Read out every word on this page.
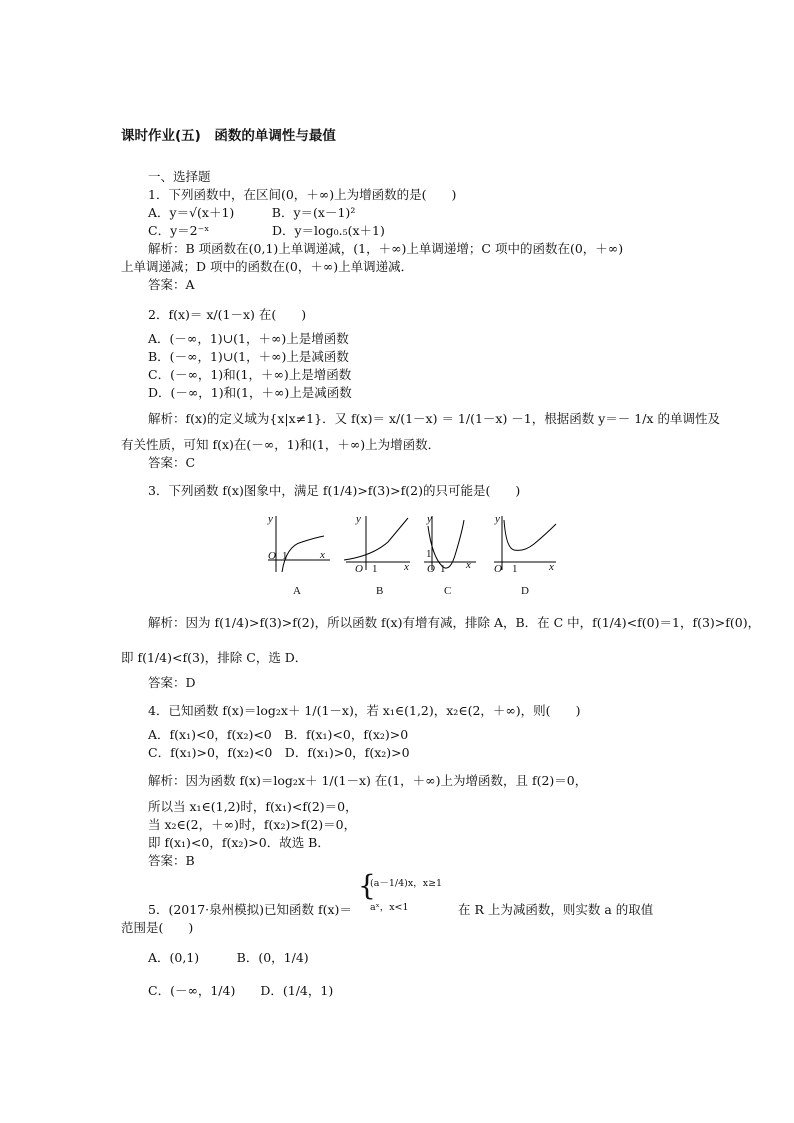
课时作业(五)　函数的单调性与最值
一、选择题
1．下列函数中，在区间(0，＋∞)上为增函数的是(　　)
A．y＝√(x＋1)　　　B．y＝(x－1)²
C．y＝2⁻ˣ　　　　　D．y＝log₀.₅(x＋1)
解析：B 项函数在(0,1)上单调递减，(1，＋∞)上单调递增；C 项中的函数在(0，＋∞)
上单调递减；D 项中的函数在(0，＋∞)上单调递减．
答案：A
2．f(x)＝ x/(1－x) 在(　　)
A．(－∞，1)∪(1，＋∞)上是增函数
B．(－∞，1)∪(1，＋∞)上是减函数
C．(－∞，1)和(1，＋∞)上是增函数
D．(－∞，1)和(1，＋∞)上是减函数
解析：f(x)的定义域为{x|x≠1}．又 f(x)＝ x/(1－x) ＝ 1/(1－x) －1，根据函数 y＝－ 1/x 的单调性及
有关性质，可知 f(x)在(－∞，1)和(1，＋∞)上为增函数．
答案：C
3．下列函数 f(x)图象中，满足 f(1/4)>f(3)>f(2)的只可能是(　　)
y
x
O 1
A
y
x
O 1
B
y
x
O 1
1
C
y
x
O 1
D
解析：因为 f(1/4)>f(3)>f(2)，所以函数 f(x)有增有减，排除 A，B．在 C 中，f(1/4)<f(0)＝1，f(3)>f(0)，
即 f(1/4)<f(3)，排除 C，选 D．
答案：D
4．已知函数 f(x)＝log₂x＋ 1/(1－x)，若 x₁∈(1,2)，x₂∈(2，＋∞)，则(　　)
A．f(x₁)<0，f(x₂)<0　B．f(x₁)<0，f(x₂)>0
C．f(x₁)>0，f(x₂)<0　D．f(x₁)>0，f(x₂)>0
解析：因为函数 f(x)＝log₂x＋ 1/(1－x) 在(1，＋∞)上为增函数，且 f(2)＝0，
所以当 x₁∈(1,2)时，f(x₁)<f(2)＝0，
当 x₂∈(2，＋∞)时，f(x₂)>f(2)＝0，
即 f(x₁)<0，f(x₂)>0．故选 B．
答案：B
{
(a－1/4)x，x≥1
aˣ，x<1
5．(2017·泉州模拟)已知函数 f(x)＝	在 R 上为减函数，则实数 a 的取值
范围是(　　)
A．(0,1)　　　B．(0，1/4)
C．(－∞，1/4)　　D．(1/4，1)
